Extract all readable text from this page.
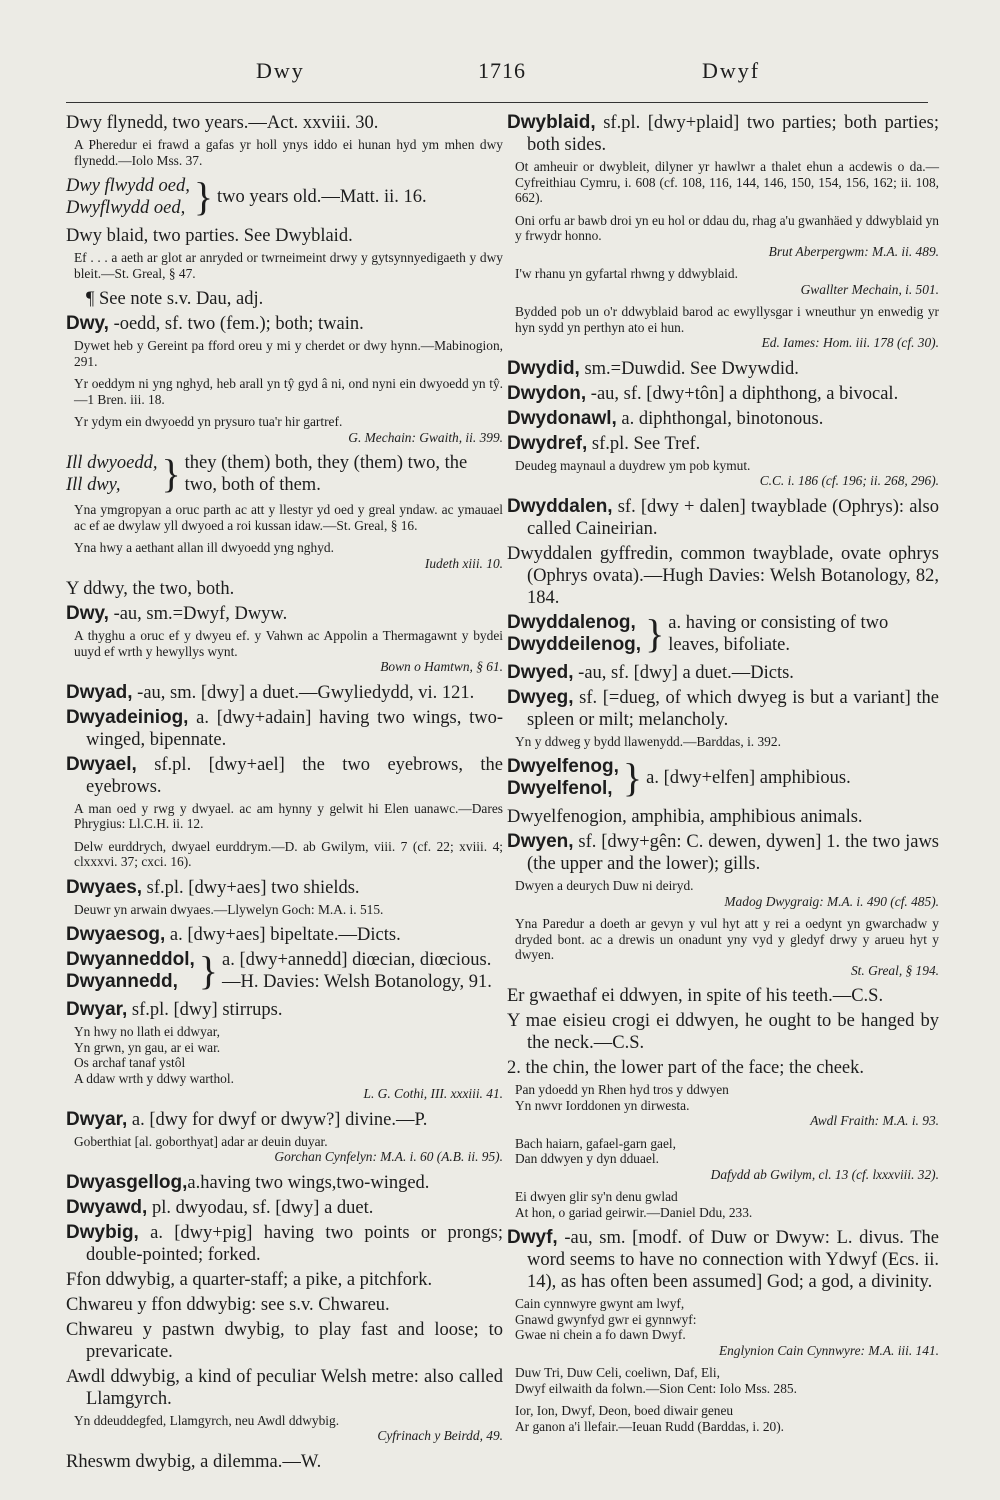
Dwy	1716	Dwyf
Dwy flynedd, two years.—Act. xxviii. 30.
A Pheredur ei frawd a gafas yr holl ynys iddo ei hunan hyd ym mhen dwy flynedd.—Iolo Mss. 37.
Dwy flwydd oed,
Dwyflwydd oed, } two years old.—Matt. ii. 16.
Dwy blaid, two parties. See Dwyblaid.
Ef . . . a aeth ar glot ar anryded or twrneimeint drwy y gytsynnyedigaeth y dwy bleit.—St. Greal, § 47.
¶ See note s.v. Dau, adj.
Dwy, -oedd, sf. two (fem.); both; twain.
Dywet heb y Gereint pa fford oreu y mi y cherdet or dwy hynn.—Mabinogion, 291.
Yr oeddym ni yng nghyd, heb arall yn tŷ gyd â ni, ond nyni ein dwyoedd yn tŷ.—1 Bren. iii. 18.
Yr ydym ein dwyoedd yn prysuro tua'r hir gartref.
G. Mechain: Gwaith, ii. 399.
Ill dwyoedd,
Ill dwy,	} they (them) both, they (them) two, the two, both of them.
Yna ymgropyan a oruc parth ac att y llestyr yd oed y greal yndaw. ac ymauael ac ef ae dwylaw yll dwyoed a roi kussan idaw.—St. Greal, § 16.
Yna hwy a aethant allan ill dwyoedd yng nghyd.
Iudeth xiii. 10.
Y ddwy, the two, both.
Dwy, -au, sm.=Dwyf, Dwyw.
A thyghu a oruc ef y dwyeu ef. y Vahwn ac Appolin a Thermagawnt y bydei uuyd ef wrth y hewyllys wynt.
Bown o Hamtwn, § 61.
Dwyad, -au, sm. [dwy] a duet.—Gwyliedydd, vi. 121.
Dwyadeiniog, a. [dwy+adain] having two wings, two-winged, bipennate.
Dwyael, sf.pl. [dwy+ael] the two eyebrows, the eyebrows.
A man oed y rwg y dwyael. ac am hynny y gelwit hi Elen uanawc.—Dares Phrygius: Ll.C.H. ii. 12.
Delw eurddrych, dwyael eurddrym.—D. ab Gwilym, viii. 7 (cf. 22; xviii. 4; clxxxvi. 37; cxci. 16).
Dwyaes, sf.pl. [dwy+aes] two shields.
Deuwr yn arwain dwyaes.—Llywelyn Goch: M.A. i. 515.
Dwyaesog, a. [dwy+aes] bipeltate.—Dicts.
Dwyanneddol,
Dwyannedd, } a. [dwy+annedd] diœcian, diœcious.—H. Davies: Welsh Botanology, 91.
Dwyar, sf.pl. [dwy] stirrups.
Yn hwy no llath ei ddwyar,
Yn grwn, yn gau, ar ei war.
Os archaf tanaf ystôl
A ddaw wrth y ddwy warthol.
L. G. Cothi, III. xxxiii. 41.
Dwyar, a. [dwy for dwyf or dwyw?] divine.—P.
Goberthiat [al. goborthyat] adar ar deuin duyar.
Gorchan Cynfelyn: M.A. i. 60 (A.B. ii. 95).
Dwyasgellog,a.having two wings,two-winged.
Dwyawd, pl. dwyodau, sf. [dwy] a duet.
Dwybig, a. [dwy+pig] having two points or prongs; double-pointed; forked.
Ffon ddwybig, a quarter-staff; a pike, a pitchfork.
Chwareu y ffon ddwybig: see s.v. Chwareu.
Chwareu y pastwn dwybig, to play fast and loose; to prevaricate.
Awdl ddwybig, a kind of peculiar Welsh metre: also called Llamgyrch.
Yn ddeuddegfed, Llamgyrch, neu Awdl ddwybig.
Cyfrinach y Beirdd, 49.
Rheswm dwybig, a dilemma.—W.
Dwyblaid, sf.pl. [dwy+plaid] two parties; both parties; both sides.
Ot amheuir or dwybleit, dilyner yr hawlwr a thalet ehun a acdewis o da.—Cyfreithiau Cymru, i. 608 (cf. 108, 116, 144, 146, 150, 154, 156, 162; ii. 108, 662).
Oni orfu ar bawb droi yn eu hol or ddau du, rhag a'u gwanhäed y ddwyblaid yn y frwydr honno.
Brut Aberpergwm: M.A. ii. 489.
I'w rhanu yn gyfartal rhwng y ddwyblaid.
Gwallter Mechain, i. 501.
Bydded pob un o'r ddwyblaid barod ac ewyllysgar i wneuthur yn enwedig yr hyn sydd yn perthyn ato ei hun.
Ed. Iames: Hom. iii. 178 (cf. 30).
Dwydid, sm.=Duwdid. See Dwywdid.
Dwydon, -au, sf. [dwy+tôn] a diphthong, a bivocal.
Dwydonawl, a. diphthongal, binotonous.
Dwydref, sf.pl. See Tref.
Deudeg maynaul a duydrew ym pob kymut.
C.C. i. 186 (cf. 196; ii. 268, 296).
Dwyddalen, sf. [dwy + dalen] twayblade (Ophrys): also called Caineirian.
Dwyddalen gyffredin, common twayblade, ovate ophrys (Ophrys ovata).—Hugh Davies: Welsh Botanology, 82, 184.
Dwyddalenog,
Dwyddeilenog, } a. having or consisting of two leaves, bifoliate.
Dwyed, -au, sf. [dwy] a duet.—Dicts.
Dwyeg, sf. [=dueg, of which dwyeg is but a variant] the spleen or milt; melancholy.
Yn y ddweg y bydd llawenydd.—Barddas, i. 392.
Dwyelfenog,
Dwyelfenol, } a. [dwy+elfen] amphibious.
Dwyelfenogion, amphibia, amphibious animals.
Dwyen, sf. [dwy+gên: C. dewen, dywen] 1. the two jaws (the upper and the lower); gills.
Dwyen a deurych Duw ni deiryd.
Madog Dwygraig: M.A. i. 490 (cf. 485).
Yna Paredur a doeth ar gevyn y vul hyt att y rei a oedynt yn gwarchadw y dryded bont. ac a drewis un onadunt yny vyd y gledyf drwy y arueu hyt y dwyen.
St. Greal, § 194.
Er gwaethaf ei ddwyen, in spite of his teeth.—C.S.
Y mae eisieu crogi ei ddwyen, he ought to be hanged by the neck.—C.S.
2. the chin, the lower part of the face; the cheek.
Pan ydoedd yn Rhen hyd tros y ddwyen
Yn nwvr Iorddonen yn dirwesta.
Awdl Fraith: M.A. i. 93.
Bach haiarn, gafael-garn gael,
Dan ddwyen y dyn dduael.
Dafydd ab Gwilym, cl. 13 (cf. lxxxviii. 32).
Ei dwyen glir sy'n denu gwlad
At hon, o gariad geirwir.—Daniel Ddu, 233.
Dwyf, -au, sm. [modf. of Duw or Dwyw: L. divus. The word seems to have no connection with Ydwyf (Ecs. ii. 14), as has often been assumed] God; a god, a divinity.
Cain cynnwyre gwynt am lwyf,
Gnawd gwynfyd gwr ei gynnwyf:
Gwae ni chein a fo dawn Dwyf.
Englynion Cain Cynnwyre: M.A. iii. 141.
Duw Tri, Duw Celi, coeliwn, Daf, Eli,
Dwyf eilwaith da folwn.—Sion Cent: Iolo Mss. 285.
Ior, Ion, Dwyf, Deon, boed diwair geneu
Ar ganon a'i llefair.—Ieuan Rudd (Barddas, i. 20).
